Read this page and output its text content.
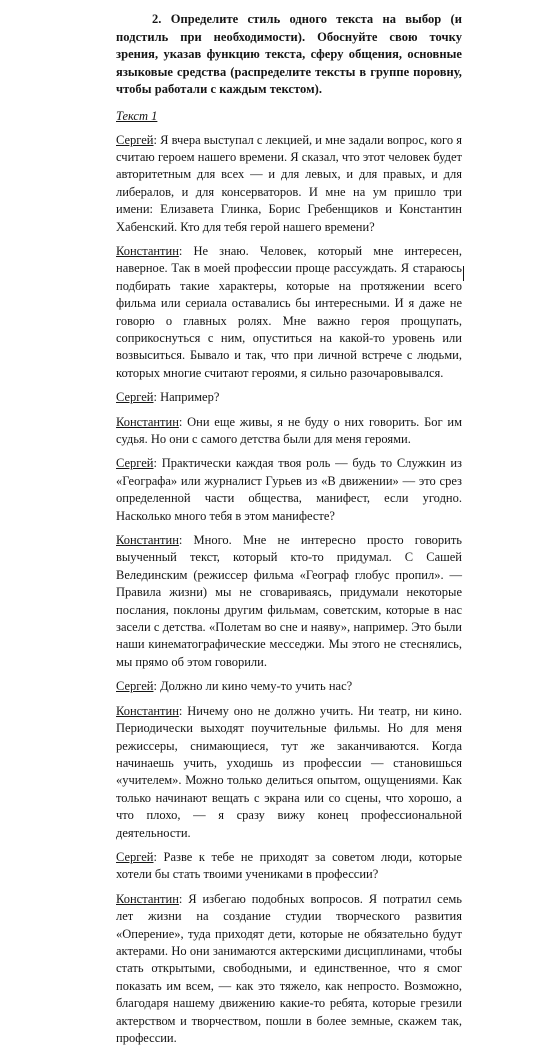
2. Определите стиль одного текста на выбор (и подстиль при необходимости). Обоснуйте свою точку зрения, указав функцию текста, сферу общения, основные языковые средства (распределите тексты в группе поровну, чтобы работали с каждым текстом).

Текст 1

Сергей: Я вчера выступал с лекцией, и мне задали вопрос, кого я считаю героем нашего времени. Я сказал, что этот человек будет авторитетным для всех — и для левых, и для правых, и для либералов, и для консерваторов. И мне на ум пришло три имени: Елизавета Глинка, Борис Гребенщиков и Константин Хабенский. Кто для тебя герой нашего времени?

Константин: Не знаю. Человек, который мне интересен, наверное. Так в моей профессии проще рассуждать. Я стараюсь подбирать такие характеры, которые на протяжении всего фильма или сериала оставались бы интересными. И я даже не говорю о главных ролях. Мне важно героя прощупать, соприкоснуться с ним, опуститься на какой-то уровень или возвыситься. Бывало и так, что при личной встрече с людьми, которых многие считают героями, я сильно разочаровывался.

Сергей: Например?

Константин: Они еще живы, я не буду о них говорить. Бог им судья. Но они с самого детства были для меня героями.

Сергей: Практически каждая твоя роль — будь то Служкин из «Географа» или журналист Гурьев из «В движении» — это срез определенной части общества, манифест, если угодно. Насколько много тебя в этом манифесте?

Константин: Много. Мне не интересно просто говорить выученный текст, который кто-то придумал. С Сашей Велединским (режиссер фильма «Географ глобус пропил». — Правила жизни) мы не сговариваясь, придумали некоторые послания, поклоны другим фильмам, советским, которые в нас засели с детства. «Полетам во сне и наяву», например. Это были наши кинематографические месседжи. Мы этого не стеснялись, мы прямо об этом говорили.

Сергей: Должно ли кино чему-то учить нас?

Константин: Ничему оно не должно учить. Ни театр, ни кино. Периодически выходят поучительные фильмы. Но для меня режиссеры, снимающиеся, тут же заканчиваются. Когда начинаешь учить, уходишь из профессии — становишься «учителем». Можно только делиться опытом, ощущениями. Как только начинают вещать с экрана или со сцены, что хорошо, а что плохо, — я сразу вижу конец профессиональной деятельности.

Сергей: Разве к тебе не приходят за советом люди, которые хотели бы стать твоими учениками в профессии?

Константин: Я избегаю подобных вопросов. Я потратил семь лет жизни на создание студии творческого развития «Оперение», туда приходят дети, которые не обязательно будут актерами. Но они занимаются актерскими дисциплинами, чтобы стать открытыми, свободными, и единственное, что я смог показать им всем, — как это тяжело, как непросто. Возможно, благодаря нашему движению какие-то ребята, которые грезили актерством и творчеством, пошли в более земные, скажем так, профессии.
